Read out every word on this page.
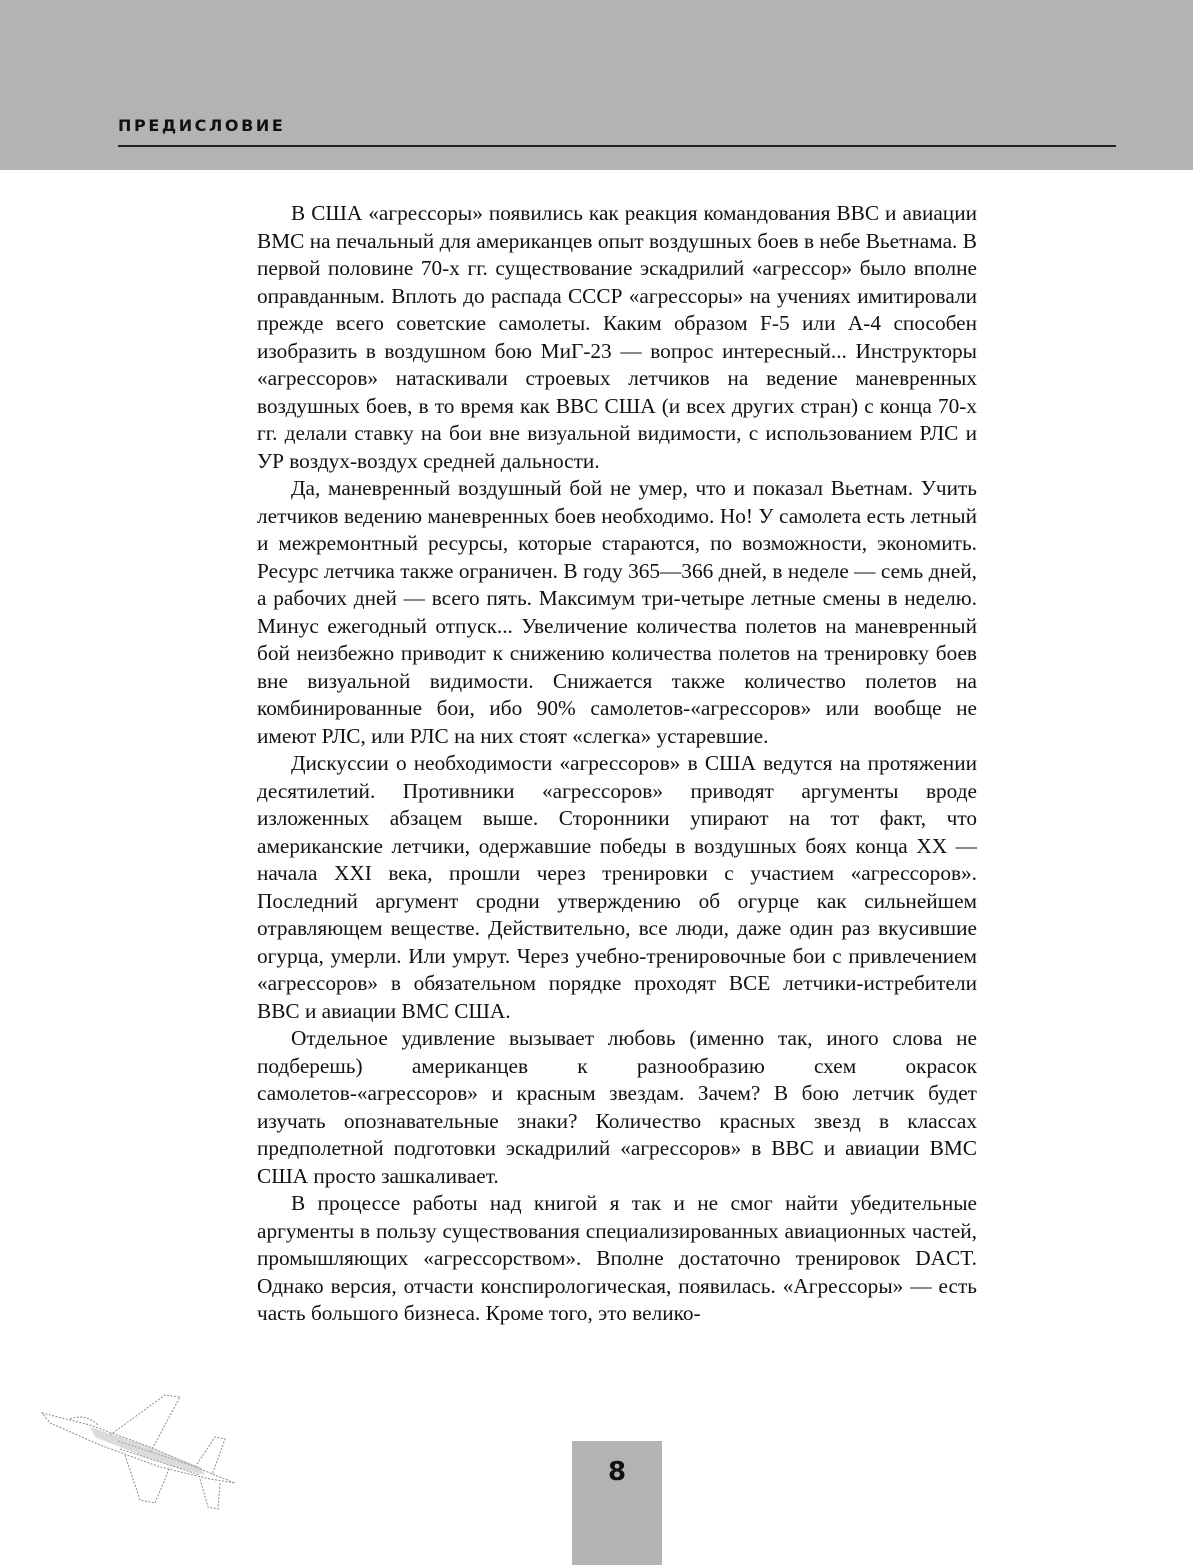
ПРЕДИСЛОВИЕ

В США «агрессоры» появились как реакция командования ВВС и авиации ВМС на печальный для американцев опыт воздушных боев в небе Вьетнама. В первой половине 70-х гг. существование эскадрилий «агрессор» было вполне оправданным. Вплоть до распада СССР «агрессоры» на учениях имитировали прежде всего советские самолеты. Каким образом F-5 или А-4 способен изобразить в воздушном бою МиГ-23 — вопрос интересный... Инструкторы «агрессоров» натаскивали строевых летчиков на ведение маневренных воздушных боев, в то время как ВВС США (и всех других стран) с конца 70-х гг. делали ставку на бои вне визуальной видимости, с использованием РЛС и УР воздух-воздух средней дальности.

Да, маневренный воздушный бой не умер, что и показал Вьетнам. Учить летчиков ведению маневренных боев необходимо. Но! У самолета есть летный и межремонтный ресурсы, которые стараются, по возможности, экономить. Ресурс летчика также ограничен. В году 365—366 дней, в неделе — семь дней, а рабочих дней — всего пять. Максимум три-четыре летные смены в неделю. Минус ежегодный отпуск... Увеличение количества полетов на маневренный бой неизбежно приводит к снижению количества полетов на тренировку боев вне визуальной видимости. Снижается также количество полетов на комбинированные бои, ибо 90% самолетов-«агрессоров» или вообще не имеют РЛС, или РЛС на них стоят «слегка» устаревшие.

Дискуссии о необходимости «агрессоров» в США ведутся на протяжении десятилетий. Противники «агрессоров» приводят аргументы вроде изложенных абзацем выше. Сторонники упирают на тот факт, что американские летчики, одержавшие победы в воздушных боях конца XX — начала XXI века, прошли через тренировки с участием «агрессоров». Последний аргумент сродни утверждению об огурце как сильнейшем отравляющем веществе. Действительно, все люди, даже один раз вкусившие огурца, умерли. Или умрут. Через учебно-тренировочные бои с привлечением «агрессоров» в обязательном порядке проходят ВСЕ летчики-истребители ВВС и авиации ВМС США.

Отдельное удивление вызывает любовь (именно так, иного слова не подберешь) американцев к разнообразию схем окрасок самолетов-«агрессоров» и красным звездам. Зачем? В бою летчик будет изучать опознавательные знаки? Количество красных звезд в классах предполетной подготовки эскадрилий «агрессоров» в ВВС и авиации ВМС США просто зашкаливает.

В процессе работы над книгой я так и не смог найти убедительные аргументы в пользу существования специализированных авиационных частей, промышляющих «агрессорством». Вполне достаточно тренировок DACT. Однако версия, отчасти конспирологическая, появилась. «Агрессоры» — есть часть большого бизнеса. Кроме того, это велико-

8
